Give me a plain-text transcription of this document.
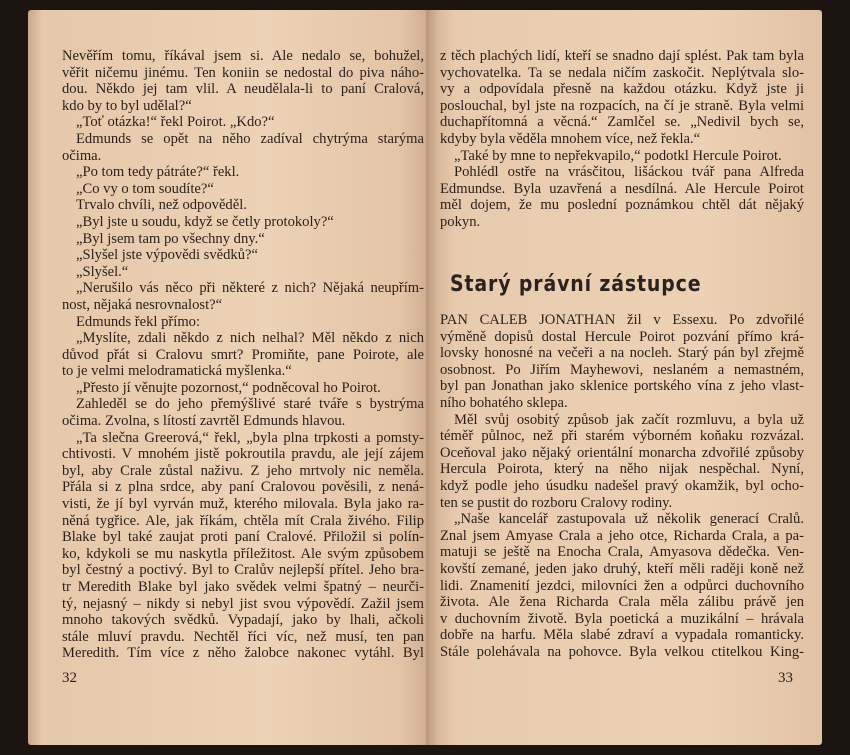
Nevěřím tomu, říkával jsem si. Ale nedalo se, bohužel,
věřit ničemu jinému. Ten koniin se nedostal do piva náho-
dou. Někdo jej tam vlil. A neudělala-li to paní Cralová,
kdo by to byl udělal?“
„Toť otázka!“ řekl Poirot. „Kdo?“
Edmunds se opět na něho zadíval chytrýma starýma
očima.
„Po tom tedy pátráte?“ řekl.
„Co vy o tom soudíte?“
Trvalo chvíli, než odpověděl.
„Byl jste u soudu, když se četly protokoly?“
„Byl jsem tam po všechny dny.“
„Slyšel jste výpovědi svědků?“
„Slyšel.“
„Nerušilo vás něco při některé z nich? Nějaká neupřím-
nost, nějaká nesrovnalost?“
Edmunds řekl přímo:
„Myslíte, zdali někdo z nich nelhal? Měl někdo z nich
důvod přát si Cralovu smrt? Promiňte, pane Poirote, ale
to je velmi melodramatická myšlenka.“
„Přesto jí věnujte pozornost,“ podněcoval ho Poirot.
Zahleděl se do jeho přemýšlivé staré tváře s bystrýma
očima. Zvolna, s lítostí zavrtěl Edmunds hlavou.
„Ta slečna Greerová,“ řekl, „byla plna trpkosti a pomsty-
chtivosti. V mnohém jistě pokroutila pravdu, ale její zájem
byl, aby Crale zůstal naživu. Z jeho mrtvoly nic neměla.
Přála si z plna srdce, aby paní Cralovou pověsili, z nená-
visti, že jí byl vyrván muž, kterého milovala. Byla jako ra-
něná tygřice. Ale, jak říkám, chtěla mít Crala živého. Filip
Blake byl také zaujat proti paní Cralové. Přiložil si polín-
ko, kdykoli se mu naskytla příležitost. Ale svým způsobem
byl čestný a poctivý. Byl to Cralův nejlepší přítel. Jeho bra-
tr Meredith Blake byl jako svědek velmi špatný – neurči-
tý, nejasný – nikdy si nebyl jist svou výpovědí. Zažil jsem
mnoho takových svědků. Vypadají, jako by lhali, ačkoli
stále mluví pravdu. Nechtěl říci víc, než musí, ten pan
Meredith. Tím více z něho žalobce nakonec vytáhl. Byl
32
z těch plachých lidí, kteří se snadno dají splést. Pak tam byla
vychovatelka. Ta se nedala ničím zaskočit. Neplýtvala slo-
vy a odpovídala přesně na každou otázku. Když jste ji
poslouchal, byl jste na rozpacích, na čí je straně. Byla velmi
duchapřítomná a věcná.“ Zamlčel se. „Nedivil bych se,
kdyby byla věděla mnohem více, než řekla.“
„Také by mne to nepřekvapilo,“ podotkl Hercule Poirot.
Pohlédl ostře na vrásčitou, lišáckou tvář pana Alfreda
Edmundse. Byla uzavřená a nesdílná. Ale Hercule Poirot
měl dojem, že mu poslední poznámkou chtěl dát nějaký
pokyn.
Starý právní zástupce
PAN CALEB JONATHAN žil v Essexu. Po zdvořilé
výměně dopisů dostal Hercule Poirot pozvání přímo krá-
lovsky honosné na večeři a na nocleh. Starý pán byl zřejmě
osobnost. Po Jiřím Mayhewovi, neslaném a nemastném,
byl pan Jonathan jako sklenice portského vína z jeho vlast-
ního bohatého sklepa.
Měl svůj osobitý způsob jak začít rozmluvu, a byla už
téměř půlnoc, než při starém výborném koňaku rozvázal.
Oceňoval jako nějaký orientální monarcha zdvořilé způsoby
Hercula Poirota, který na něho nijak nespěchal. Nyní,
když podle jeho úsudku nadešel pravý okamžik, byl ocho-
ten se pustit do rozboru Cralovy rodiny.
„Naše kancelář zastupovala už několik generací Cralů.
Znal jsem Amyase Crala a jeho otce, Richarda Crala, a pa-
matuji se ještě na Enocha Crala, Amyasova dědečka. Ven-
kovští zemané, jeden jako druhý, kteří měli raději koně než
lidi. Znamenití jezdci, milovníci žen a odpůrci duchovního
života. Ale žena Richarda Crala měla zálibu právě jen
v duchovním životě. Byla poetická a muzikální – hrávala
dobře na harfu. Měla slabé zdraví a vypadala romanticky.
Stále polehávala na pohovce. Byla velkou ctitelkou King-
33
